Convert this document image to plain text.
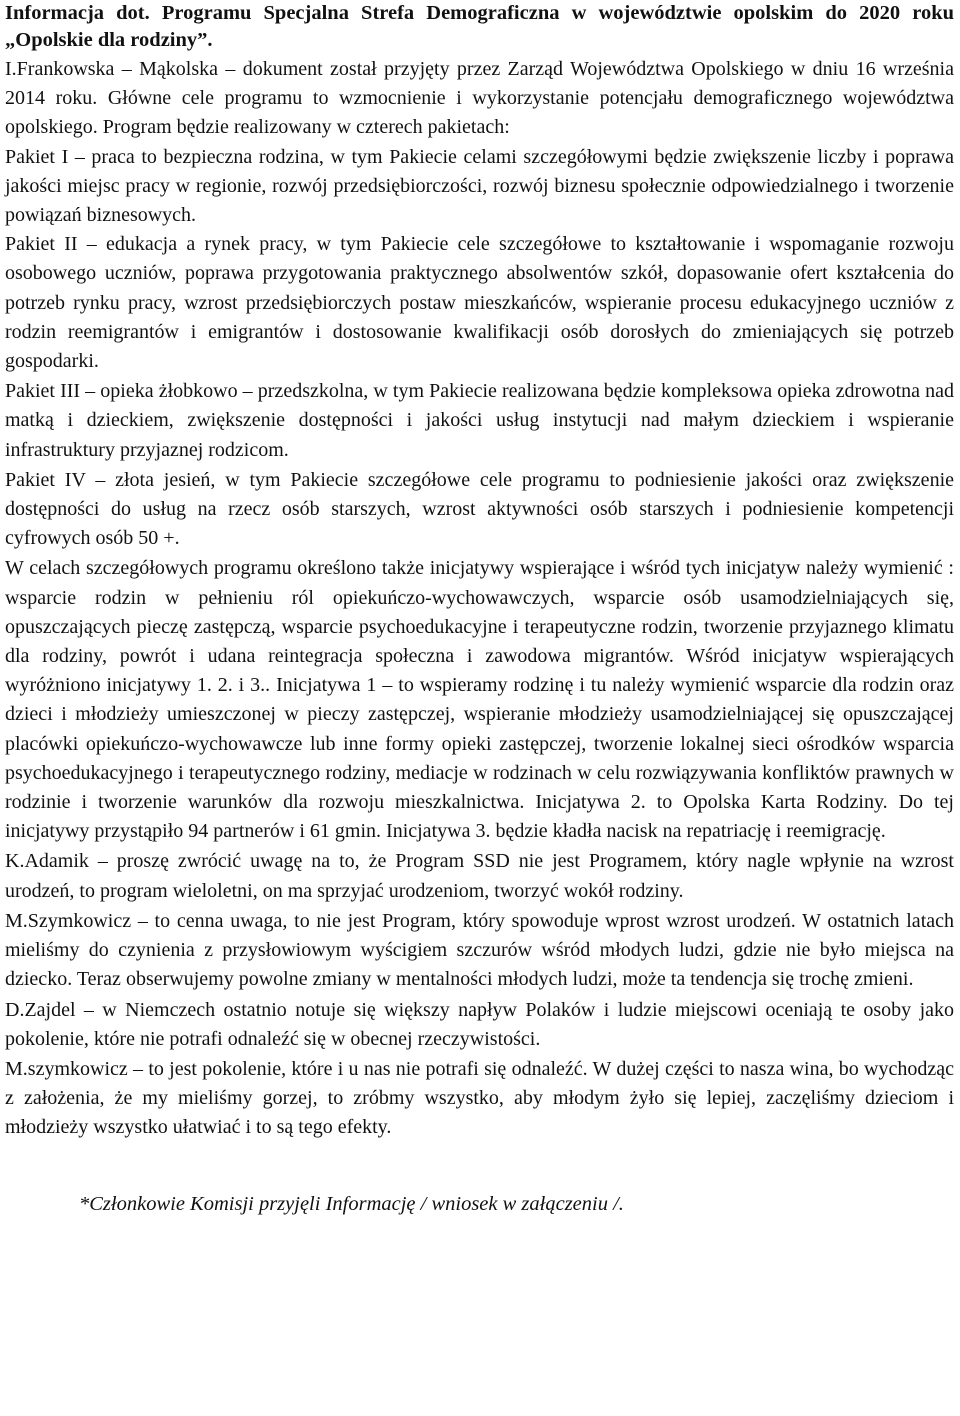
Informacja dot. Programu Specjalna Strefa Demograficzna w województwie opolskim do 2020 roku „Opolskie dla rodziny”.

I.Frankowska – Mąkolska – dokument został przyjęty przez Zarząd Województwa Opolskiego w dniu 16 września 2014 roku. Główne cele programu to wzmocnienie i wykorzystanie potencjału demograficznego województwa opolskiego. Program będzie realizowany w czterech pakietach:

Pakiet I – praca to bezpieczna rodzina, w tym Pakiecie celami szczegółowymi będzie zwiększenie liczby i poprawa jakości miejsc pracy w regionie, rozwój przedsiębiorczości, rozwój biznesu społecznie odpowiedzialnego i tworzenie powiązań biznesowych.

Pakiet II – edukacja a rynek pracy, w tym Pakiecie cele szczegółowe to kształtowanie i wspomaganie rozwoju osobowego uczniów, poprawa przygotowania praktycznego absolwentów szkół, dopasowanie ofert kształcenia do potrzeb rynku pracy, wzrost przedsiębiorczych postaw mieszkańców, wspieranie procesu edukacyjnego uczniów z rodzin reemigrantów i emigrantów i dostosowanie kwalifikacji osób dorosłych do zmieniających się potrzeb gospodarki.

Pakiet III – opieka żłobkowo – przedszkolna, w tym Pakiecie realizowana będzie kompleksowa opieka zdrowotna nad matką i dzieckiem, zwiększenie dostępności i jakości usług instytucji nad małym dzieckiem i wspieranie infrastruktury przyjaznej rodzicom.

Pakiet IV – złota jesień, w tym Pakiecie szczegółowe cele programu to podniesienie jakości oraz zwiększenie dostępności do usług na rzecz osób starszych, wzrost aktywności osób starszych i podniesienie kompetencji cyfrowych osób 50 +.

W celach szczegółowych programu określono także inicjatywy wspierające i wśród tych inicjatyw należy wymienić : wsparcie rodzin w pełnieniu ról opiekuńczo-wychowawczych, wsparcie osób usamodzielniających się, opuszczających pieczę zastępczą, wsparcie psychoedukacyjne i terapeutyczne rodzin, tworzenie przyjaznego klimatu dla rodziny, powrót i udana reintegracja społeczna i zawodowa migrantów. Wśród inicjatyw wspierających wyróżniono inicjatywy 1. 2. i 3.. Inicjatywa 1 – to wspieramy rodzinę i tu należy wymienić wsparcie dla rodzin oraz dzieci i młodzieży umieszczonej w pieczy zastępczej, wspieranie młodzieży usamodzielniającej się opuszczającej placówki opiekuńczo-wychowawcze lub inne formy opieki zastępczej, tworzenie lokalnej sieci ośrodków wsparcia psychoedukacyjnego i terapeutycznego rodziny, mediacje w rodzinach w celu rozwiązywania konfliktów prawnych w rodzinie i tworzenie warunków dla rozwoju mieszkalnictwa. Inicjatywa 2. to Opolska Karta Rodziny. Do tej inicjatywy przystąpiło 94 partnerów i 61 gmin. Inicjatywa 3. będzie kładła nacisk na repatriację i reemigrację.

K.Adamik – proszę zwrócić uwagę na to, że Program SSD nie jest Programem, który nagle wpłynie na wzrost urodzeń, to program wieloletni, on ma sprzyjać urodzeniom, tworzyć wokół rodziny.

M.Szymkowicz – to cenna uwaga, to nie jest Program, który spowoduje wprost wzrost urodzeń. W ostatnich latach mieliśmy do czynienia z przysłowiowym wyścigiem szczurów wśród młodych ludzi, gdzie nie było miejsca na dziecko. Teraz obserwujemy powolne zmiany w mentalności młodych ludzi, może ta tendencja się trochę zmieni.

D.Zajdel – w Niemczech ostatnio notuje się większy napływ Polaków i ludzie miejscowi oceniają te osoby jako pokolenie, które nie potrafi odnaleźć się w obecnej rzeczywistości.

M.szymkowicz – to jest pokolenie, które i u nas nie potrafi się odnaleźć. W dużej części to nasza wina, bo wychodząc z założenia, że my mieliśmy gorzej, to zróbmy wszystko, aby młodym żyło się lepiej, zaczęliśmy dzieciom i młodzieży wszystko ułatwiać i to są tego efekty.

*Członkowie Komisji przyjęli Informację / wniosek w załączeniu /.
